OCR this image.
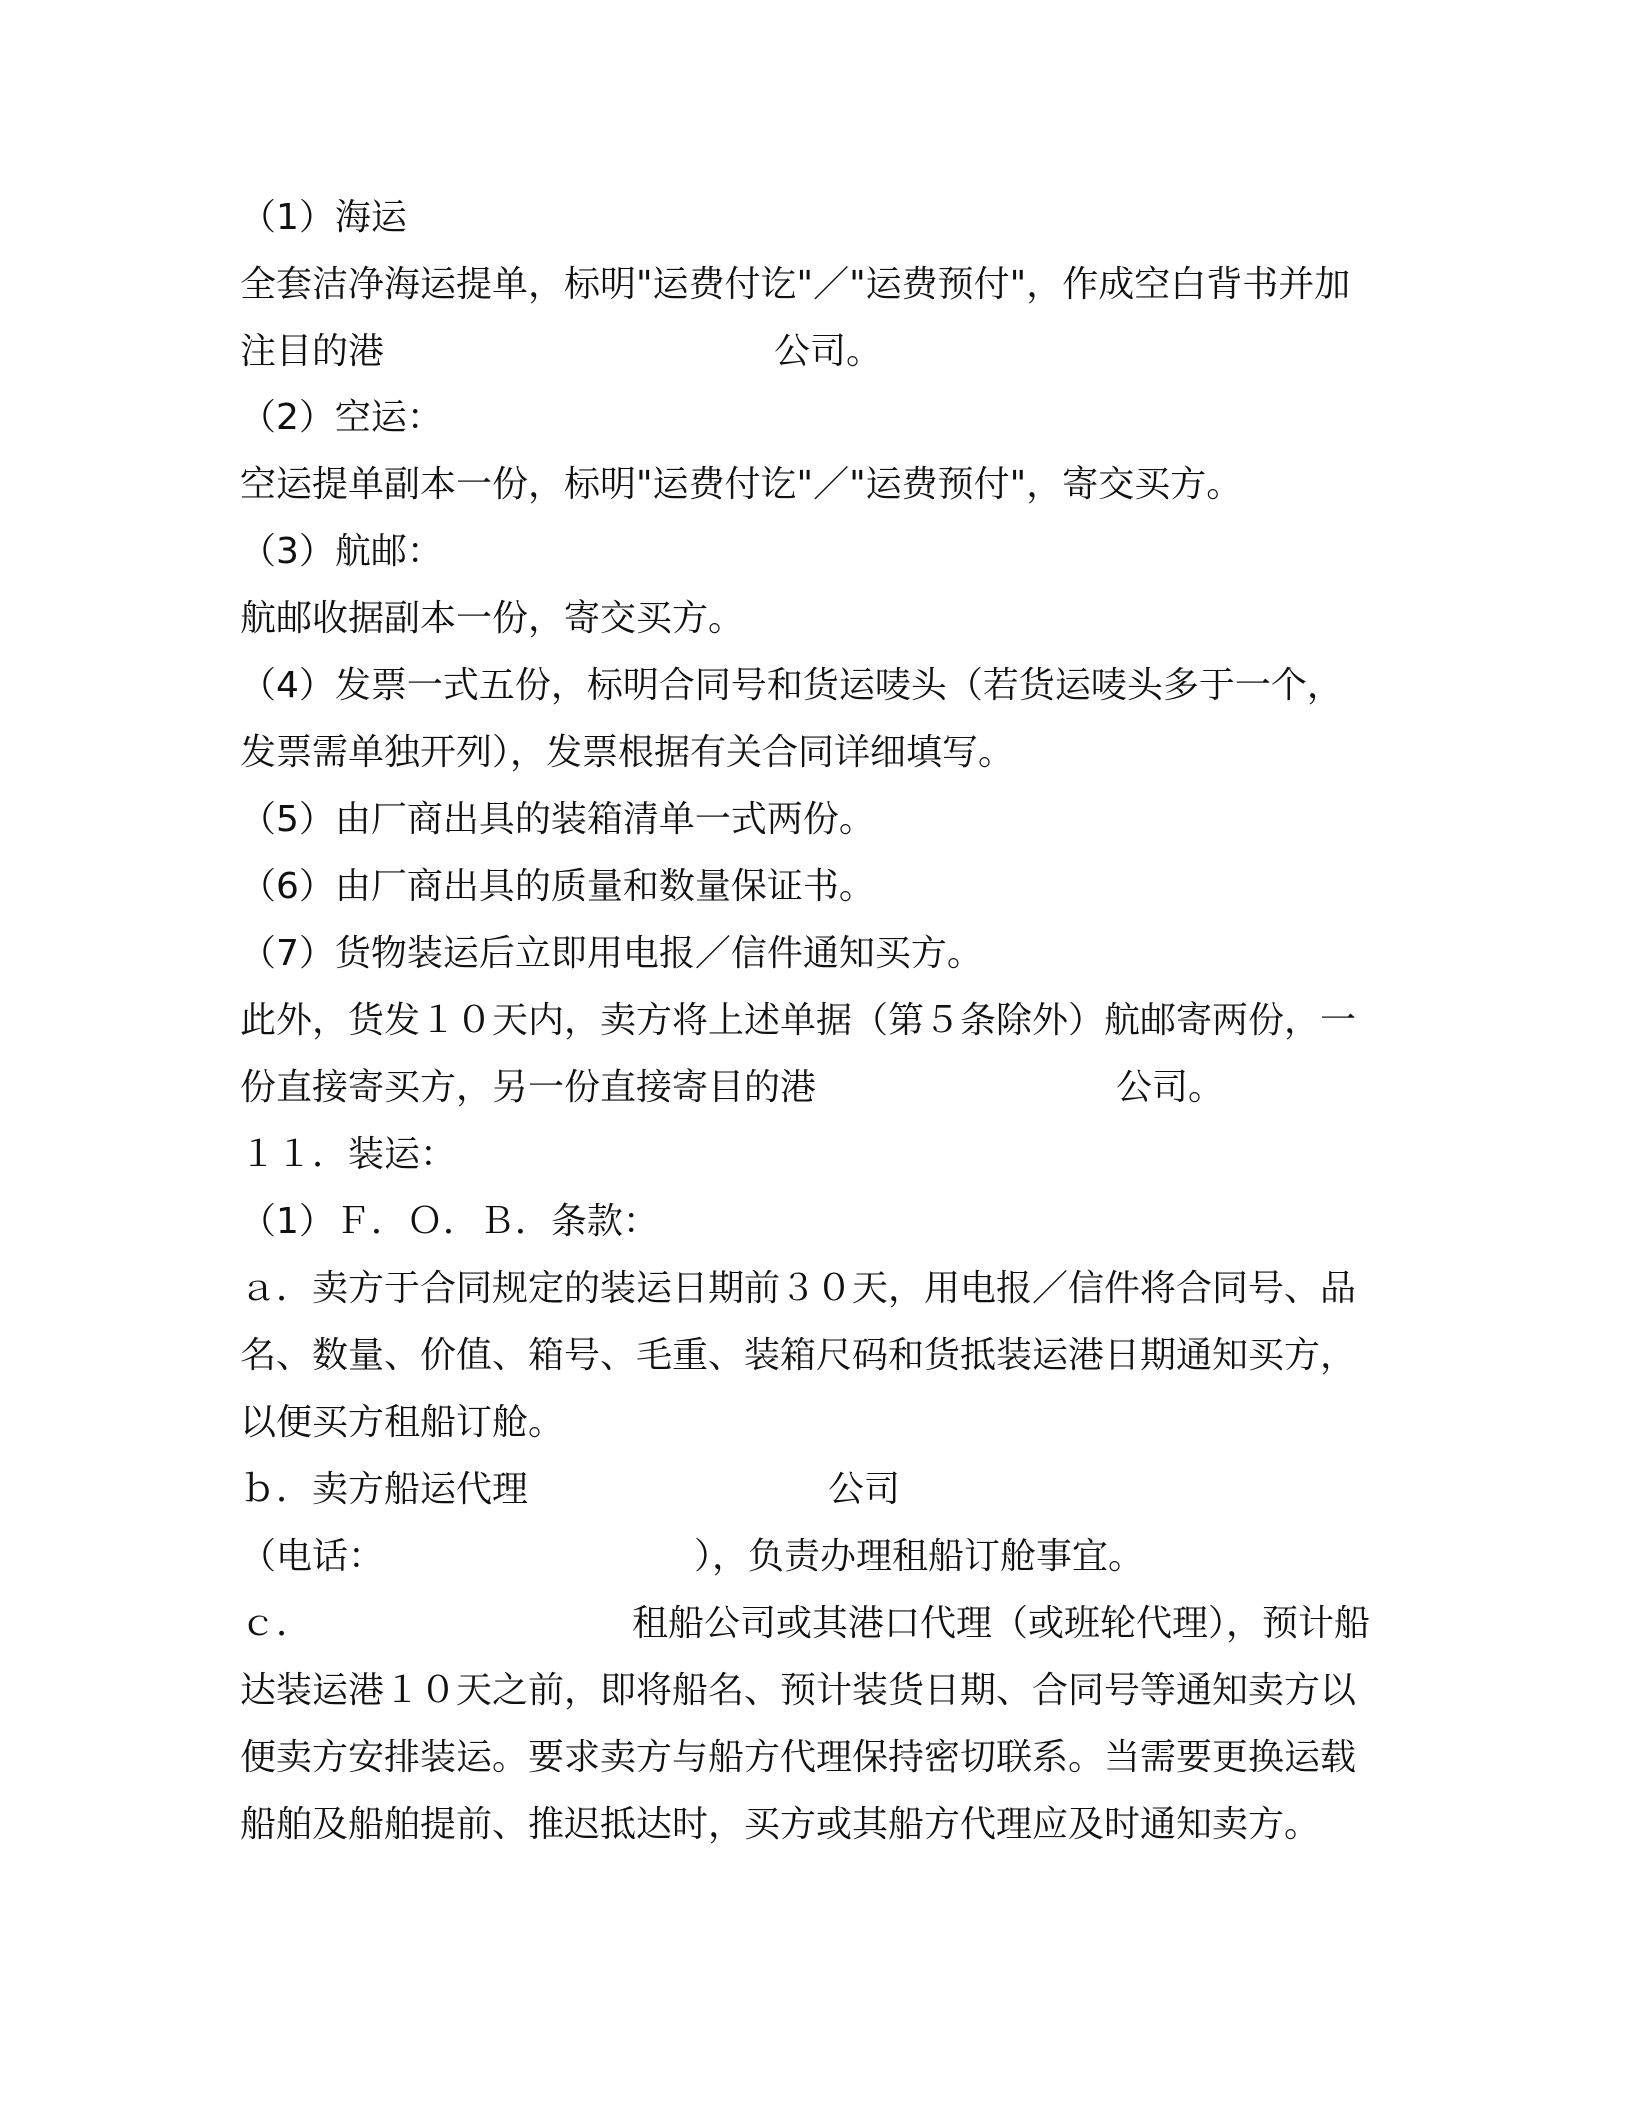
（1）海运
全套洁净海运提单，标明"运费付讫"／"运费预付"，作成空白背书并加
注目的港	公司。
（2）空运：
空运提单副本一份，标明"运费付讫"／"运费预付"，寄交买方。
（3）航邮：
航邮收据副本一份，寄交买方。
（4）发票一式五份，标明合同号和货运唛头（若货运唛头多于一个，
发票需单独开列），发票根据有关合同详细填写。
（5）由厂商出具的装箱清单一式两份。
（6）由厂商出具的质量和数量保证书。
（7）货物装运后立即用电报／信件通知买方。
此外，货发１０天内，卖方将上述单据（第５条除外）航邮寄两份，一
份直接寄买方，另一份直接寄目的港	公司。
１１．装运：
（1）Ｆ．Ｏ．Ｂ．条款：
ａ．卖方于合同规定的装运日期前３０天，用电报／信件将合同号、品
名、数量、价值、箱号、毛重、装箱尺码和货抵装运港日期通知买方，
以便买方租船订舱。
ｂ．卖方船运代理	公司
（电话：	），负责办理租船订舱事宜。
ｃ．	租船公司或其港口代理（或班轮代理），预计船
达装运港１０天之前，即将船名、预计装货日期、合同号等通知卖方以
便卖方安排装运。要求卖方与船方代理保持密切联系。当需要更换运载
船舶及船舶提前、推迟抵达时，买方或其船方代理应及时通知卖方。
